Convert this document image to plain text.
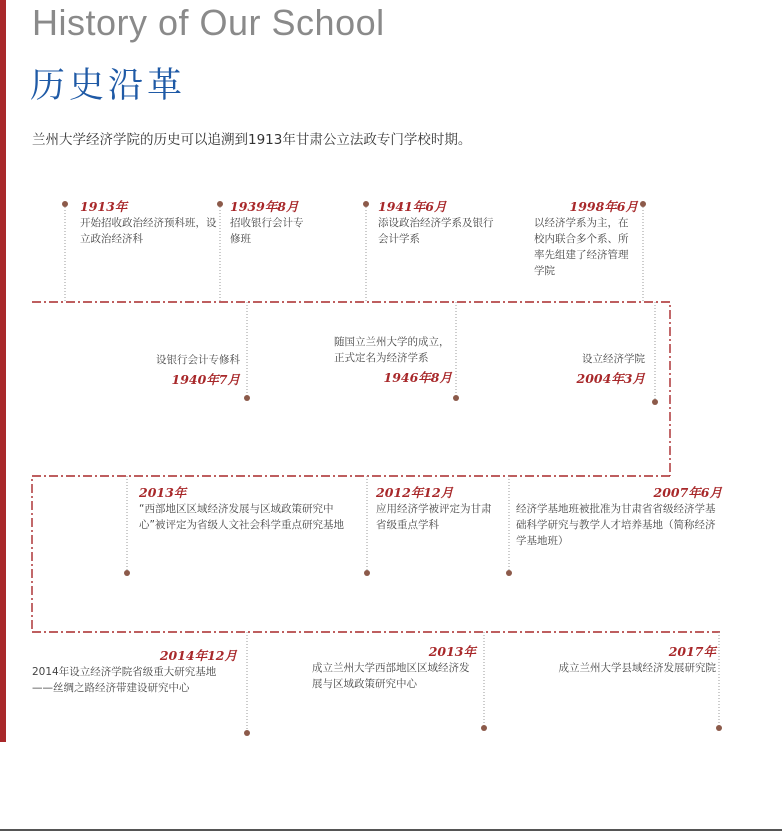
History of Our School
历史沿革
兰州大学经济学院的历史可以追溯到1913年甘肃公立法政专门学校时期。
1913年
开始招收政治经济预科班，设立政治经济科
1939年8月
招收银行会计专修班
1941年6月
添设政治经济学系及银行会计学系
1998年6月
以经济学系为主，在校内联合多个系、所率先组建了经济管理学院
设银行会计专修科
1940年7月
随国立兰州大学的成立，正式定名为经济学系
1946年8月
设立经济学院
2004年3月
2013年
“西部地区区域经济发展与区域政策研究中心”被评定为省级人文社会科学重点研究基地
2012年12月
应用经济学被评定为甘肃省级重点学科
2007年6月
经济学基地班被批准为甘肃省省级经济学基础科学研究与教学人才培养基地（简称经济学基地班）
2014年12月
2014年设立经济学院省级重大研究基地——丝绸之路经济带建设研究中心
2013年
成立兰州大学西部地区区域经济发展与区域政策研究中心
2017年
成立兰州大学县域经济发展研究院
